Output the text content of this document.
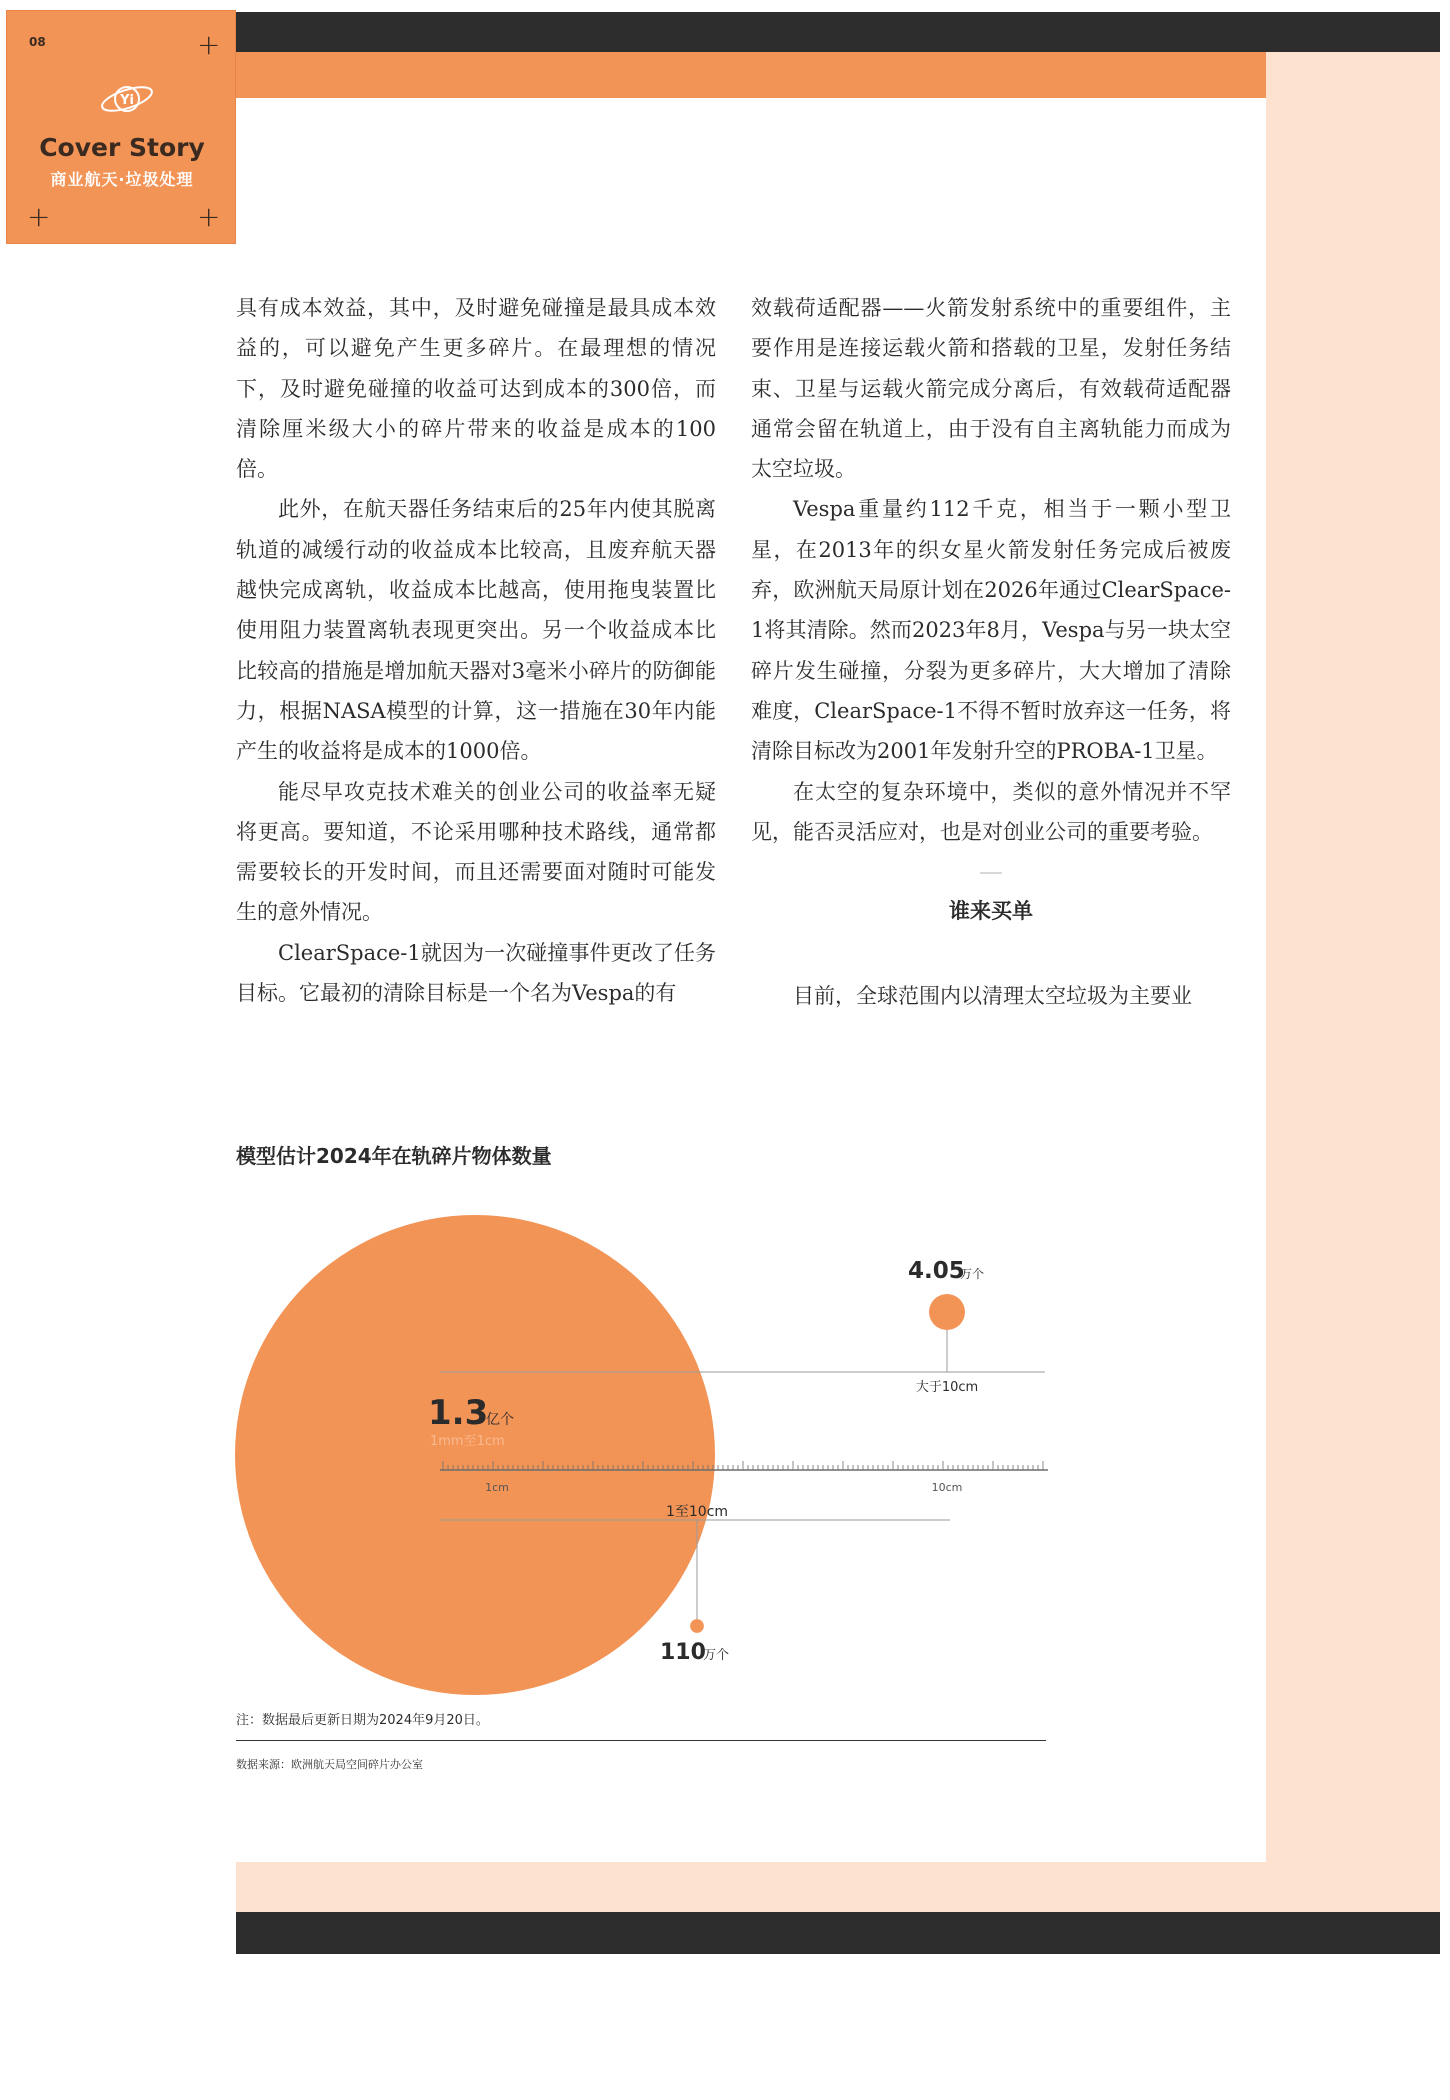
08	+
+	+
Yi
Cover Story
商业航天·垃圾处理

具有成本效益，其中，及时避免碰撞是最具成本效益的，可以避免产生更多碎片。在最理想的情况下，及时避免碰撞的收益可达到成本的300倍，而清除厘米级大小的碎片带来的收益是成本的100倍。

此外，在航天器任务结束后的25年内使其脱离轨道的减缓行动的收益成本比较高，且废弃航天器越快完成离轨，收益成本比越高，使用拖曳装置比使用阻力装置离轨表现更突出。另一个收益成本比比较高的措施是增加航天器对3毫米小碎片的防御能力，根据NASA模型的计算，这一措施在30年内能产生的收益将是成本的1000倍。

能尽早攻克技术难关的创业公司的收益率无疑将更高。要知道，不论采用哪种技术路线，通常都需要较长的开发时间，而且还需要面对随时可能发生的意外情况。

ClearSpace-1就因为一次碰撞事件更改了任务目标。它最初的清除目标是一个名为Vespa的有

效载荷适配器——火箭发射系统中的重要组件，主要作用是连接运载火箭和搭载的卫星，发射任务结束、卫星与运载火箭完成分离后，有效载荷适配器通常会留在轨道上，由于没有自主离轨能力而成为太空垃圾。

Vespa重量约112千克，相当于一颗小型卫星，在2013年的织女星火箭发射任务完成后被废弃，欧洲航天局原计划在2026年通过ClearSpace-1将其清除。然而2023年8月，Vespa与另一块太空碎片发生碰撞，分裂为更多碎片，大大增加了清除难度，ClearSpace-1不得不暂时放弃这一任务，将清除目标改为2001年发射升空的PROBA-1卫星。

在太空的复杂环境中，类似的意外情况并不罕见，能否灵活应对，也是对创业公司的重要考验。

谁来买单
目前，全球范围内以清理太空垃圾为主要业
模型估计2024年在轨碎片物体数量
1cm	10cm
1.3
亿个
1mm至1cm
4.05
万个
大于10cm
1至10cm
110
万个
注：数据最后更新日期为2024年9月20日。
数据来源：欧洲航天局空间碎片办公室
